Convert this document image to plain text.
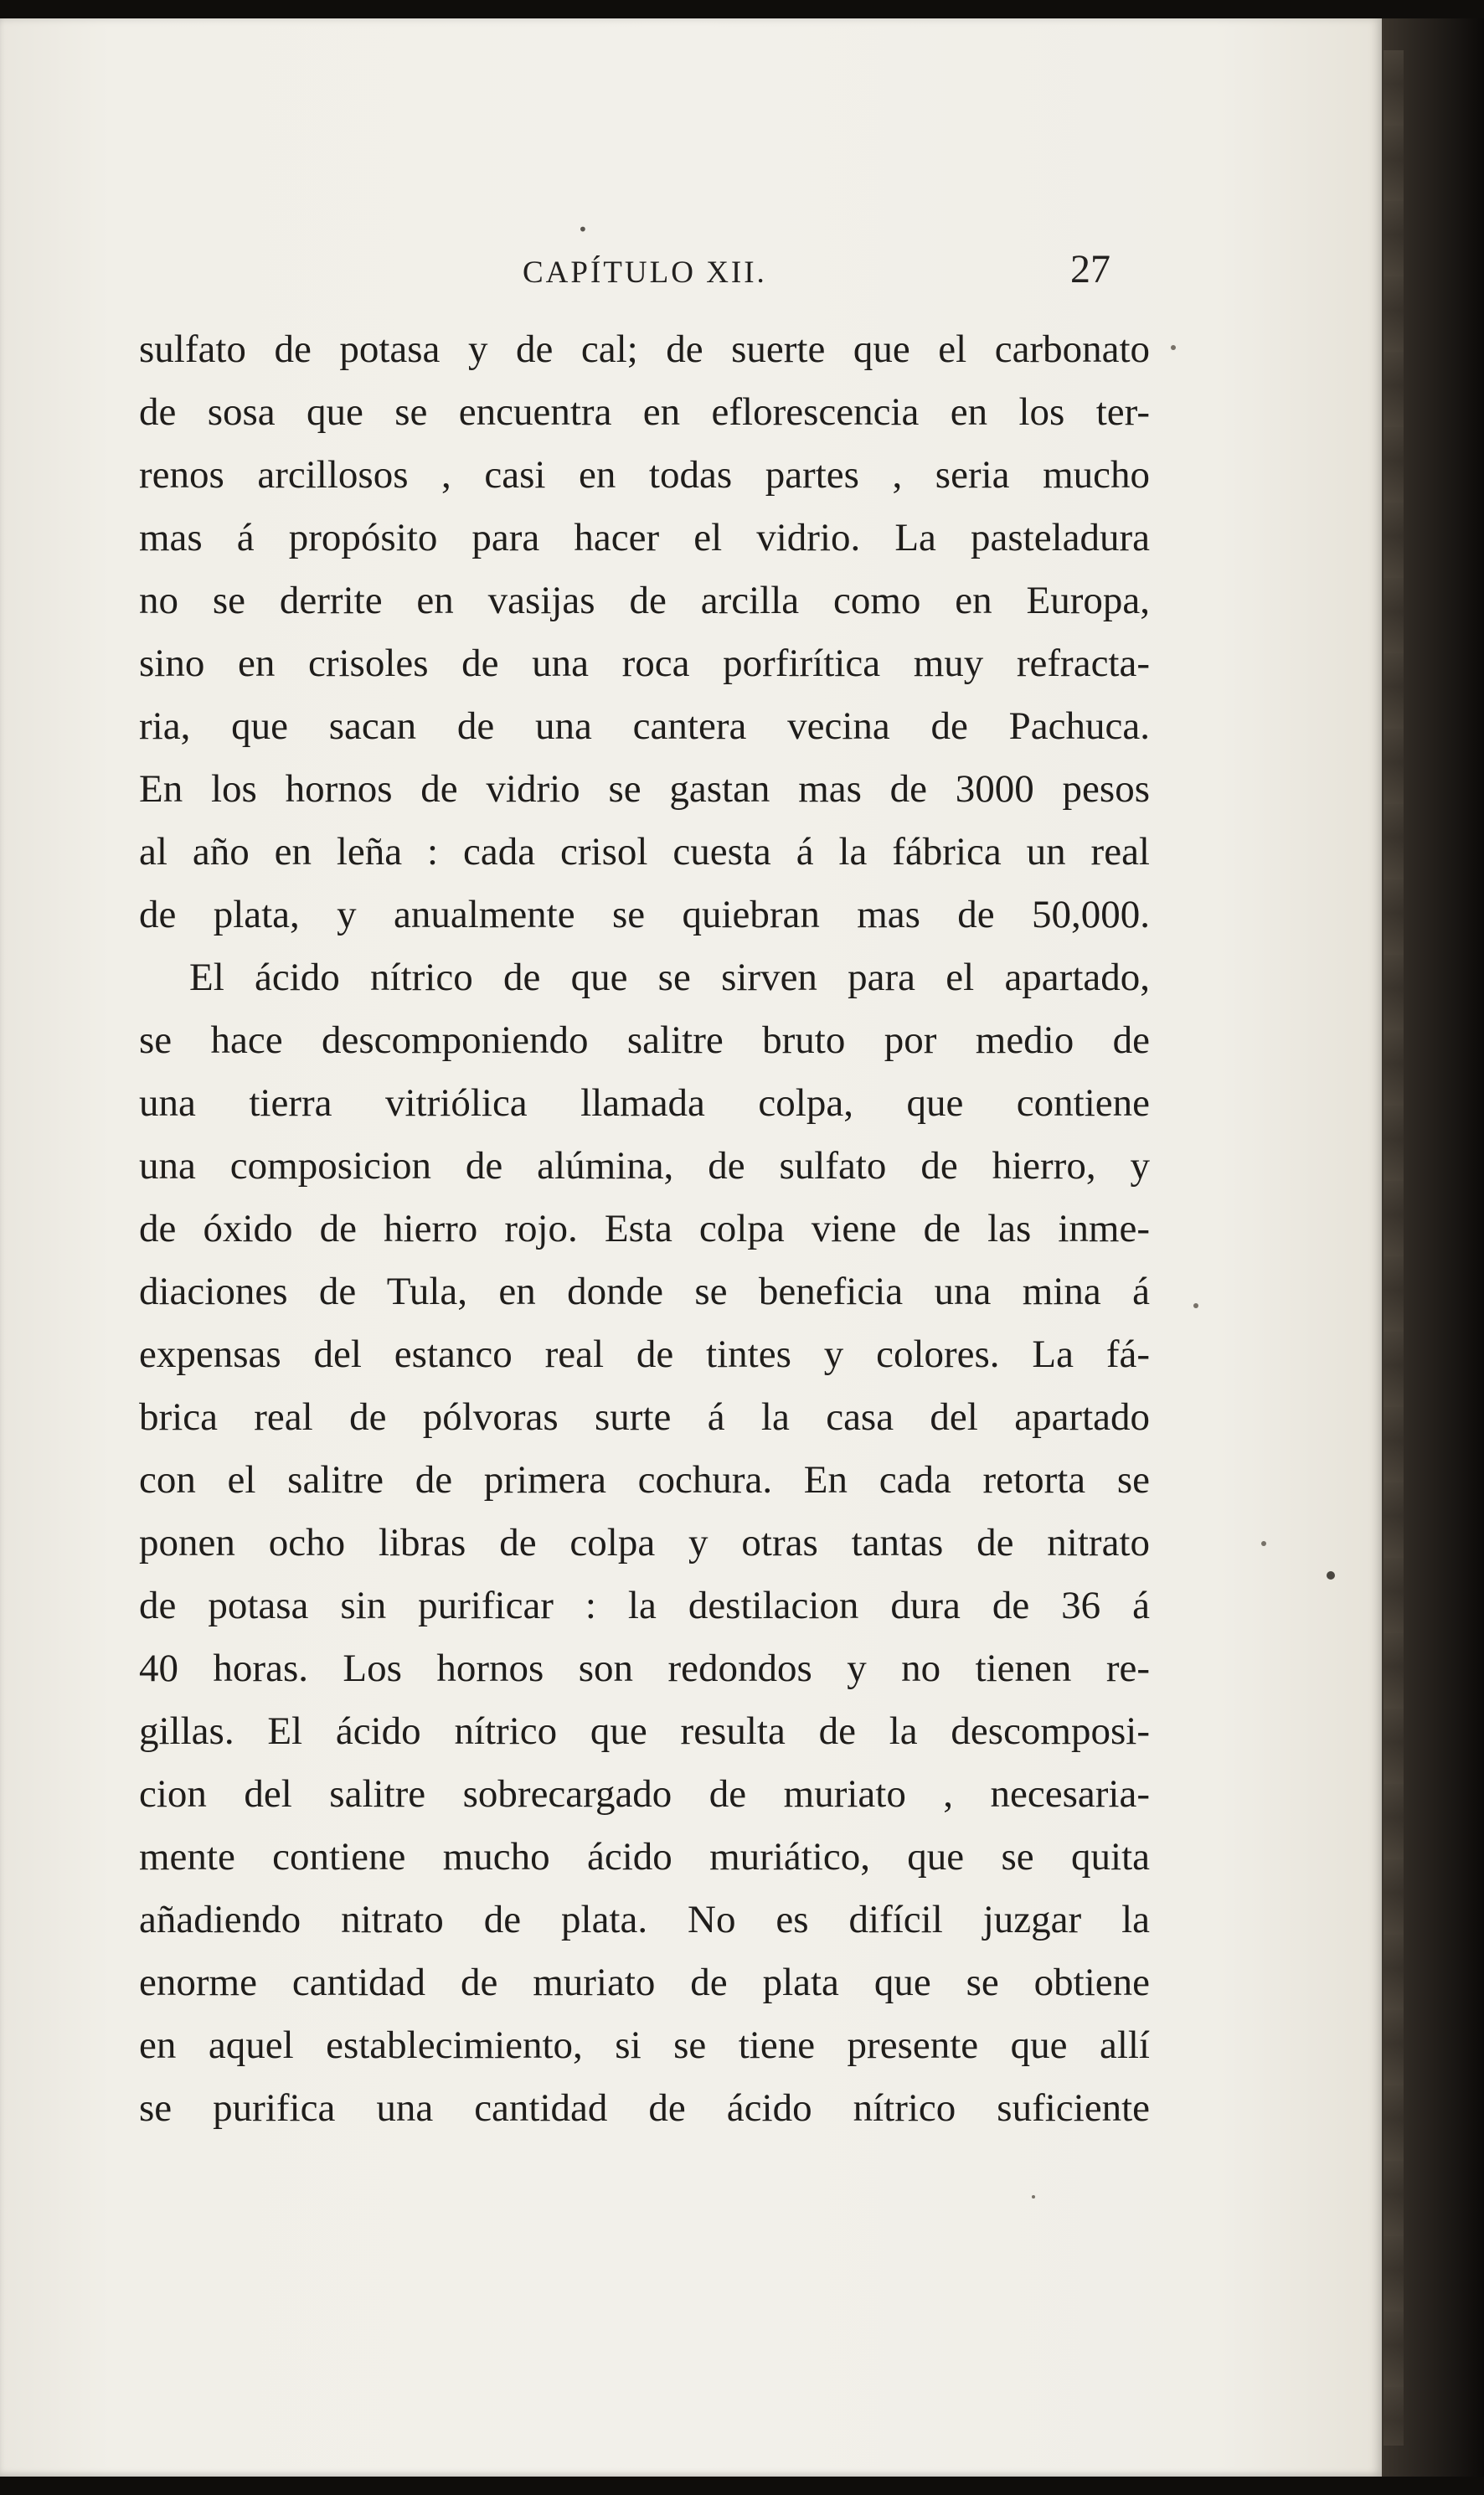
•
CAPÍTULO XII.	27
sulfato de potasa y de cal; de suerte que el carbonato
de sosa que se encuentra en eflorescencia en los ter-
renos arcillosos , casi en todas partes , seria mucho
mas á propósito para hacer el vidrio. La pasteladura
no se derrite en vasijas de arcilla como en Europa,
sino en crisoles de una roca porfirítica muy refracta-
ria, que sacan de una cantera vecina de Pachuca.
En los hornos de vidrio se gastan mas de 3000 pesos
al año en leña : cada crisol cuesta á la fábrica un real
de plata, y anualmente se quiebran mas de 50,000.
El ácido nítrico de que se sirven para el apartado,
se hace descomponiendo salitre bruto por medio de
una tierra vitriólica llamada colpa, que contiene
una composicion de alúmina, de sulfato de hierro, y
de óxido de hierro rojo. Esta colpa viene de las inme-
diaciones de Tula, en donde se beneficia una mina á
expensas del estanco real de tintes y colores. La fá-
brica real de pólvoras surte á la casa del apartado
con el salitre de primera cochura. En cada retorta se
ponen ocho libras de colpa y otras tantas de nitrato
de potasa sin purificar : la destilacion dura de 36 á
40 horas. Los hornos son redondos y no tienen re-
gillas. El ácido nítrico que resulta de la descomposi-
cion del salitre sobrecargado de muriato , necesaria-
mente contiene mucho ácido muriático, que se quita
añadiendo nitrato de plata. No es difícil juzgar la
enorme cantidad de muriato de plata que se obtiene
en aquel establecimiento, si se tiene presente que allí
se purifica una cantidad de ácido nítrico suficiente
